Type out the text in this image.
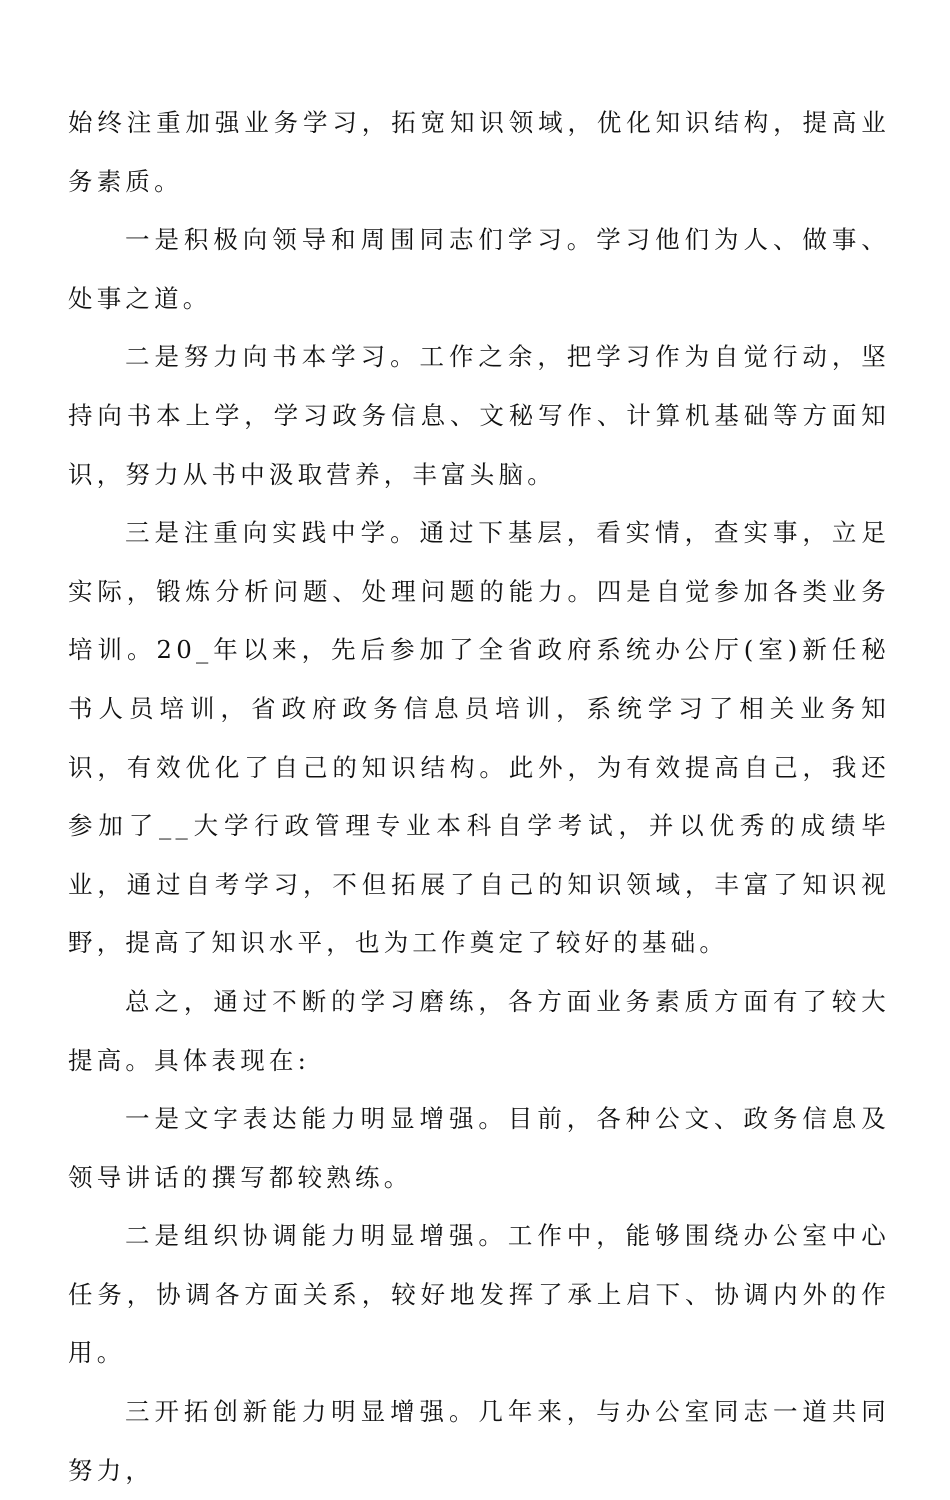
始终注重加强业务学习，拓宽知识领域，优化知识结构，提高业务素质。

一是积极向领导和周围同志们学习。学习他们为人、做事、处事之道。

二是努力向书本学习。工作之余，把学习作为自觉行动，坚持向书本上学，学习政务信息、文秘写作、计算机基础等方面知识，努力从书中汲取营养，丰富头脑。

三是注重向实践中学。通过下基层，看实情，查实事，立足实际，锻炼分析问题、处理问题的能力。四是自觉参加各类业务培训。20_年以来，先后参加了全省政府系统办公厅(室)新任秘书人员培训，省政府政务信息员培训，系统学习了相关业务知识，有效优化了自己的知识结构。此外，为有效提高自己，我还参加了__大学行政管理专业本科自学考试，并以优秀的成绩毕业，通过自考学习，不但拓展了自己的知识领域，丰富了知识视野，提高了知识水平，也为工作奠定了较好的基础。

总之，通过不断的学习磨练，各方面业务素质方面有了较大提高。具体表现在:

一是文字表达能力明显增强。目前，各种公文、政务信息及领导讲话的撰写都较熟练。

二是组织协调能力明显增强。工作中，能够围绕办公室中心任务，协调各方面关系，较好地发挥了承上启下、协调内外的作用。

三开拓创新能力明显增强。几年来，与办公室同志一道共同努力，
